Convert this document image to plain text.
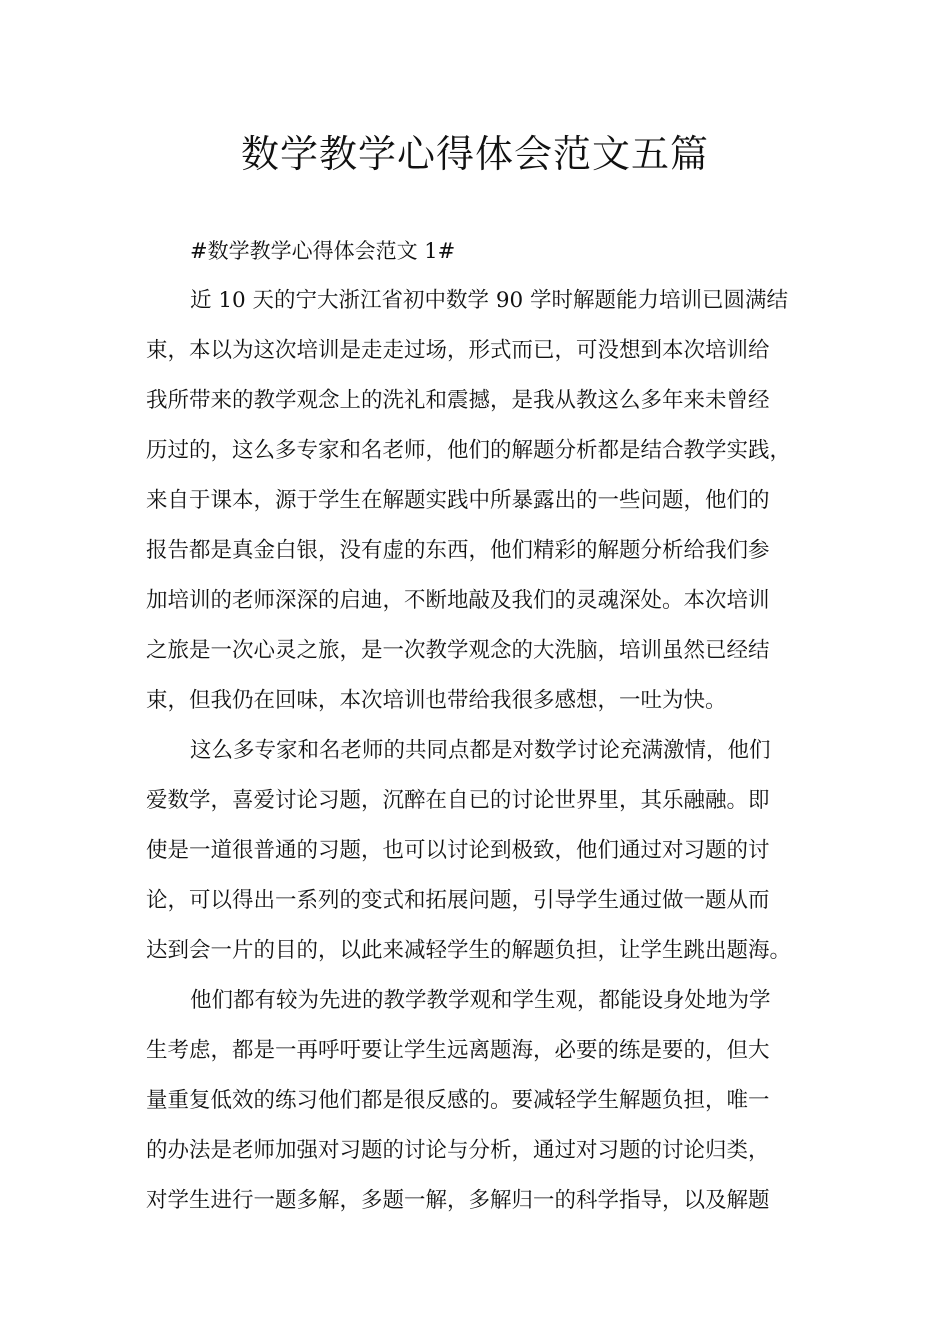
数学教学心得体会范文五篇

#数学教学心得体会范文 1#

近 10 天的宁大浙江省初中数学 90 学时解题能力培训已圆满结

束，本以为这次培训是走走过场，形式而已，可没想到本次培训给

我所带来的教学观念上的洗礼和震撼，是我从教这么多年来未曾经

历过的，这么多专家和名老师，他们的解题分析都是结合教学实践，

来自于课本，源于学生在解题实践中所暴露出的一些问题，他们的

报告都是真金白银，没有虚的东西，他们精彩的解题分析给我们参

加培训的老师深深的启迪，不断地敲及我们的灵魂深处。本次培训

之旅是一次心灵之旅，是一次教学观念的大洗脑，培训虽然已经结

束，但我仍在回味，本次培训也带给我很多感想，一吐为快。

这么多专家和名老师的共同点都是对数学讨论充满激情，他们

爱数学，喜爱讨论习题，沉醉在自已的讨论世界里，其乐融融。即

使是一道很普通的习题，也可以讨论到极致，他们通过对习题的讨

论，可以得出一系列的变式和拓展问题，引导学生通过做一题从而

达到会一片的目的，以此来减轻学生的解题负担，让学生跳出题海。

他们都有较为先进的教学教学观和学生观，都能设身处地为学

生考虑，都是一再呼吁要让学生远离题海，必要的练是要的，但大

量重复低效的练习他们都是很反感的。要减轻学生解题负担，唯一

的办法是老师加强对习题的讨论与分析，通过对习题的讨论归类，

对学生进行一题多解，多题一解，多解归一的科学指导，以及解题
